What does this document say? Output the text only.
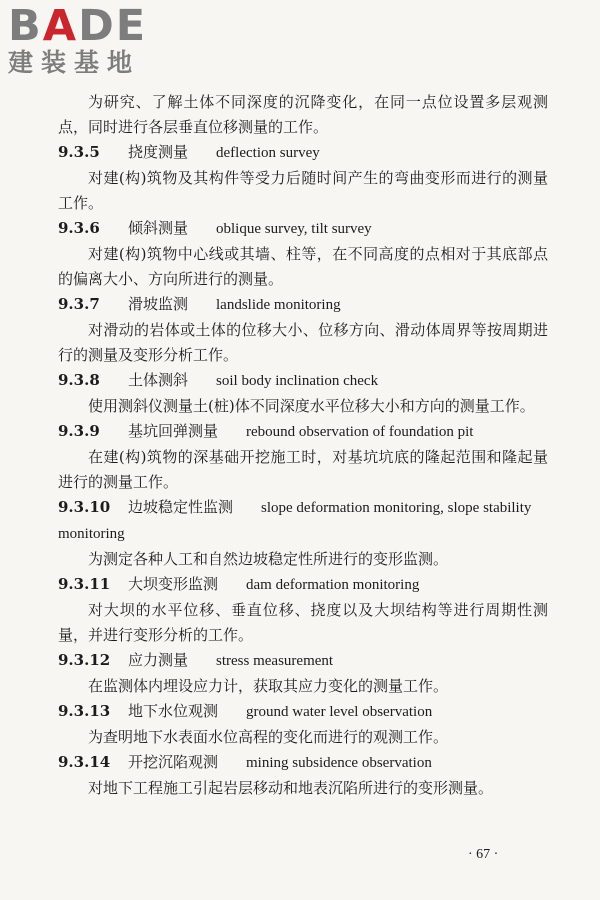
BADE
建装基地

为研究、了解土体不同深度的沉降变化，在同一点位设置多层观测点，同时进行各层垂直位移测量的工作。

9.3.5 挠度测量 deflection survey

对建(构)筑物及其构件等受力后随时间产生的弯曲变形而进行的测量工作。

9.3.6 倾斜测量 oblique survey, tilt survey

对建(构)筑物中心线或其墙、柱等，在不同高度的点相对于其底部点的偏离大小、方向所进行的测量。

9.3.7 滑坡监测 landslide monitoring

对滑动的岩体或土体的位移大小、位移方向、滑动体周界等按周期进行的测量及变形分析工作。

9.3.8 土体测斜 soil body inclination check

使用测斜仪测量土(桩)体不同深度水平位移大小和方向的测量工作。

9.3.9 基坑回弹测量 rebound observation of foundation pit

在建(构)筑物的深基础开挖施工时，对基坑坑底的隆起范围和隆起量进行的测量工作。

9.3.10 边坡稳定性监测 slope deformation monitoring, slope stability monitoring

为测定各种人工和自然边坡稳定性所进行的变形监测。

9.3.11 大坝变形监测 dam deformation monitoring

对大坝的水平位移、垂直位移、挠度以及大坝结构等进行周期性测量，并进行变形分析的工作。

9.3.12 应力测量 stress measurement

在监测体内埋设应力计，获取其应力变化的测量工作。

9.3.13 地下水位观测 ground water level observation

为查明地下水表面水位高程的变化而进行的观测工作。

9.3.14 开挖沉陷观测 mining subsidence observation

对地下工程施工引起岩层移动和地表沉陷所进行的变形测量。

· 67 ·
